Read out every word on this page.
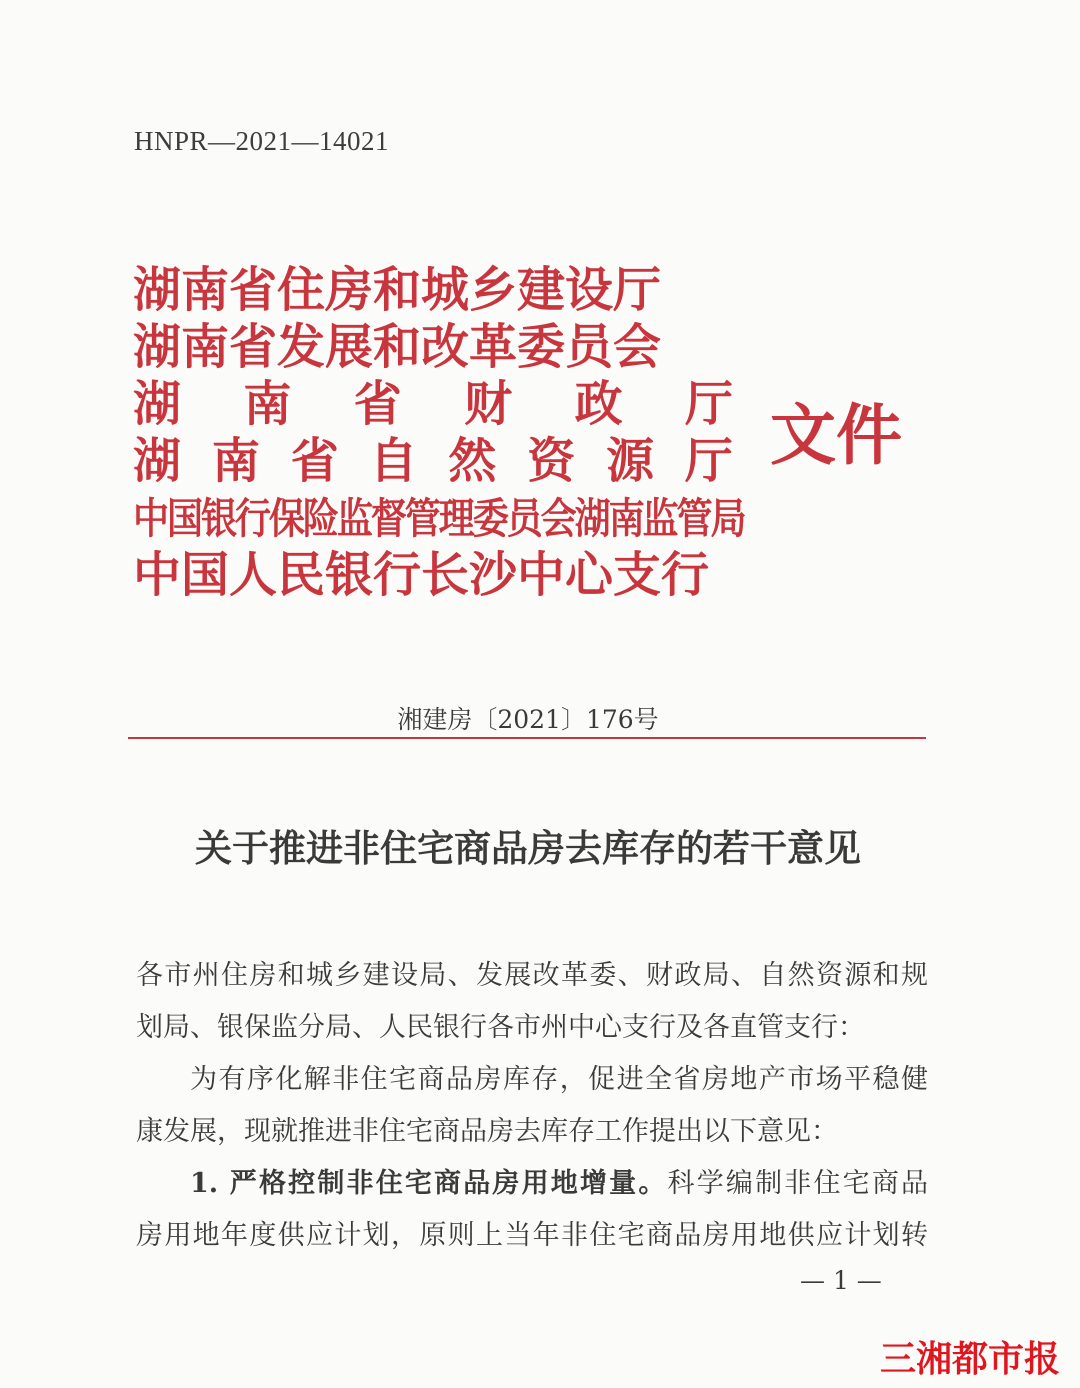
HNPR—2021—14021
湖南省住房和城乡建设厅
湖南省发展和改革委员会
湖 南 省 财 政 厅
湖 南 省 自 然 资 源 厅
中国银行保险监督管理委员会湖南监管局
中国人民银行长沙中心支行
文件
湘建房〔2021〕176号
关于推进非住宅商品房去库存的若干意见
各市州住房和城乡建设局、发展改革委、财政局、自然资源和规
划局、银保监分局、人民银行各市州中心支行及各直管支行：
为有序化解非住宅商品房库存，促进全省房地产市场平稳健
康发展，现就推进非住宅商品房去库存工作提出以下意见：
1. 严格控制非住宅商品房用地增量。科学编制非住宅商品
房用地年度供应计划，原则上当年非住宅商品房用地供应计划转
— 1 —
三湘都市报
